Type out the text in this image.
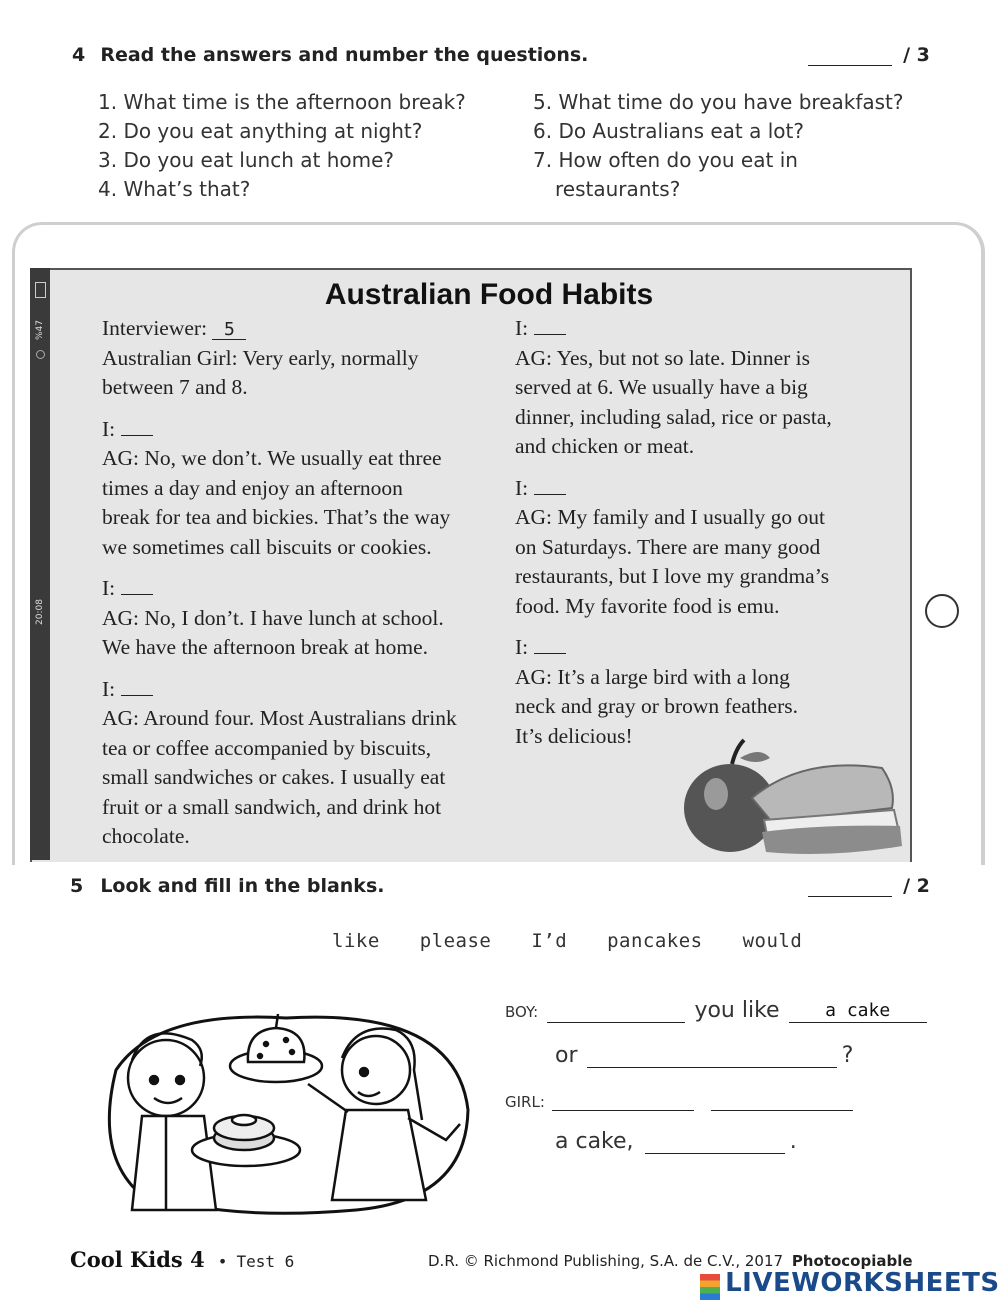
4 Read the answers and number the questions.	/ 3
1. What time is the afternoon break?
2. Do you eat anything at night?
3. Do you eat lunch at home?
4. What’s that?
5. What time do you have breakfast?
6. Do Australians eat a lot?
7. How often do you eat in
restaurants?
%47
20:08
Australian Food Habits

Interviewer: 5
Australian Girl: Very early, normally
between 7 and 8.

I:
AG: No, we don’t. We usually eat three
times a day and enjoy an afternoon
break for tea and bickies. That’s the way
we sometimes call biscuits or cookies.

I:
AG: No, I don’t. I have lunch at school.
We have the afternoon break at home.

I:
AG: Around four. Most Australians drink
tea or coffee accompanied by biscuits,
small sandwiches or cakes. I usually eat
fruit or a small sandwich, and drink hot
chocolate.

I:
AG: Yes, but not so late. Dinner is
served at 6. We usually have a big
dinner, including salad, rice or pasta,
and chicken or meat.

I:
AG: My family and I usually go out
on Saturdays. There are many good
restaurants, but I love my grandma’s
food. My favorite food is emu.

I:
AG: It’s a large bird with a long
neck and gray or brown feathers.
It’s delicious!

5 Look and fill in the blanks.	/ 2
like please I’d pancakes would
BOY:	you like	a cake
or	?
GIRL:
a cake,	.
Cool Kids 4 • Test 6	D.R. © Richmond Publishing, S.A. de C.V., 2017 Photocopiable
LIVEWORKSHEETS
